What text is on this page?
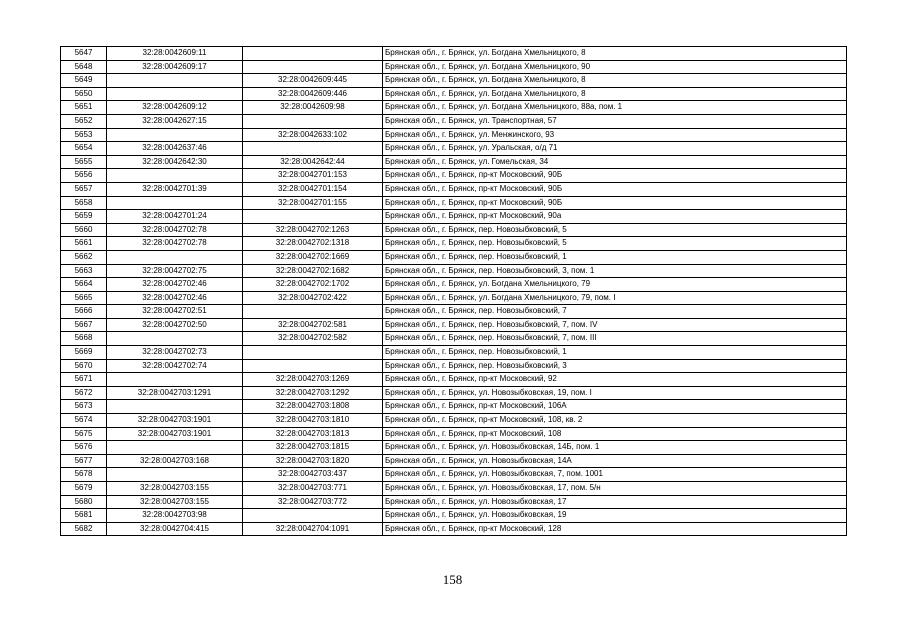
5647	32:28:0042609:11		Брянская обл., г. Брянск, ул. Богдана Хмельницкого, 8
5648	32:28:0042609:17		Брянская обл., г. Брянск, ул. Богдана Хмельницкого, 90
5649		32:28:0042609:445	Брянская обл., г. Брянск, ул. Богдана Хмельницкого, 8
5650		32:28:0042609:446	Брянская обл., г. Брянск, ул. Богдана Хмельницкого, 8
5651	32:28:0042609:12	32:28:0042609:98	Брянская обл., г. Брянск, ул. Богдана Хмельницкого, 88а, пом. 1
5652	32:28:0042627:15		Брянская обл., г. Брянск, ул. Транспортная, 57
5653		32:28:0042633:102	Брянская обл., г. Брянск, ул. Менжинского, 93
5654	32:28:0042637:46		Брянская обл., г. Брянск, ул. Уральская, о/д 71
5655	32:28:0042642:30	32:28:0042642:44	Брянская обл., г. Брянск, ул. Гомельская, 34
5656		32:28:0042701:153	Брянская обл., г. Брянск, пр-кт Московский, 90Б
5657	32:28:0042701:39	32:28:0042701:154	Брянская обл., г. Брянск, пр-кт Московский, 90Б
5658		32:28:0042701:155	Брянская обл., г. Брянск, пр-кт Московский, 90Б
5659	32:28:0042701:24		Брянская обл., г. Брянск, пр-кт Московский, 90а
5660	32:28:0042702:78	32:28:0042702:1263	Брянская обл., г. Брянск, пер. Новозыбковский, 5
5661	32:28:0042702:78	32:28:0042702:1318	Брянская обл., г. Брянск, пер. Новозыбковский, 5
5662		32:28:0042702:1669	Брянская обл., г. Брянск, пер. Новозыбковский, 1
5663	32:28:0042702:75	32:28:0042702:1682	Брянская обл., г. Брянск, пер. Новозыбковский, 3, пом. 1
5664	32:28:0042702:46	32:28:0042702:1702	Брянская обл., г. Брянск, ул. Богдана Хмельницкого, 79
5665	32:28:0042702:46	32:28:0042702:422	Брянская обл., г. Брянск, ул. Богдана Хмельницкого, 79, пом. I
5666	32:28:0042702:51		Брянская обл., г. Брянск, пер. Новозыбковский, 7
5667	32:28:0042702:50	32:28:0042702:581	Брянская обл., г. Брянск, пер. Новозыбковский, 7, пом. IV
5668		32:28:0042702:582	Брянская обл., г. Брянск, пер. Новозыбковский, 7, пом. III
5669	32:28:0042702:73		Брянская обл., г. Брянск, пер. Новозыбковский, 1
5670	32:28:0042702:74		Брянская обл., г. Брянск, пер. Новозыбковский, 3
5671		32:28:0042703:1269	Брянская обл., г. Брянск, пр-кт Московский, 92
5672	32:28:0042703:1291	32:28:0042703:1292	Брянская обл., г. Брянск, ул. Новозыбковская, 19, пом. I
5673		32:28:0042703:1808	Брянская обл., г. Брянск, пр-кт Московский, 106А
5674	32:28:0042703:1901	32:28:0042703:1810	Брянская обл., г. Брянск, пр-кт Московский, 108, кв. 2
5675	32:28:0042703:1901	32:28:0042703:1813	Брянская обл., г. Брянск, пр-кт Московский, 108
5676		32:28:0042703:1815	Брянская обл., г. Брянск, ул. Новозыбковская, 14Б, пом. 1
5677	32:28:0042703:168	32:28:0042703:1820	Брянская обл., г. Брянск, ул. Новозыбковская, 14А
5678		32:28:0042703:437	Брянская обл., г. Брянск, ул. Новозыбковская, 7, пом. 1001
5679	32:28:0042703:155	32:28:0042703:771	Брянская обл., г. Брянск, ул. Новозыбковская, 17, пом. 5/н
5680	32:28:0042703:155	32:28:0042703:772	Брянская обл., г. Брянск, ул. Новозыбковская, 17
5681	32:28:0042703:98		Брянская обл., г. Брянск, ул. Новозыбковская, 19
5682	32:28:0042704:415	32:28:0042704:1091	Брянская обл., г. Брянск, пр-кт Московский, 128
158
